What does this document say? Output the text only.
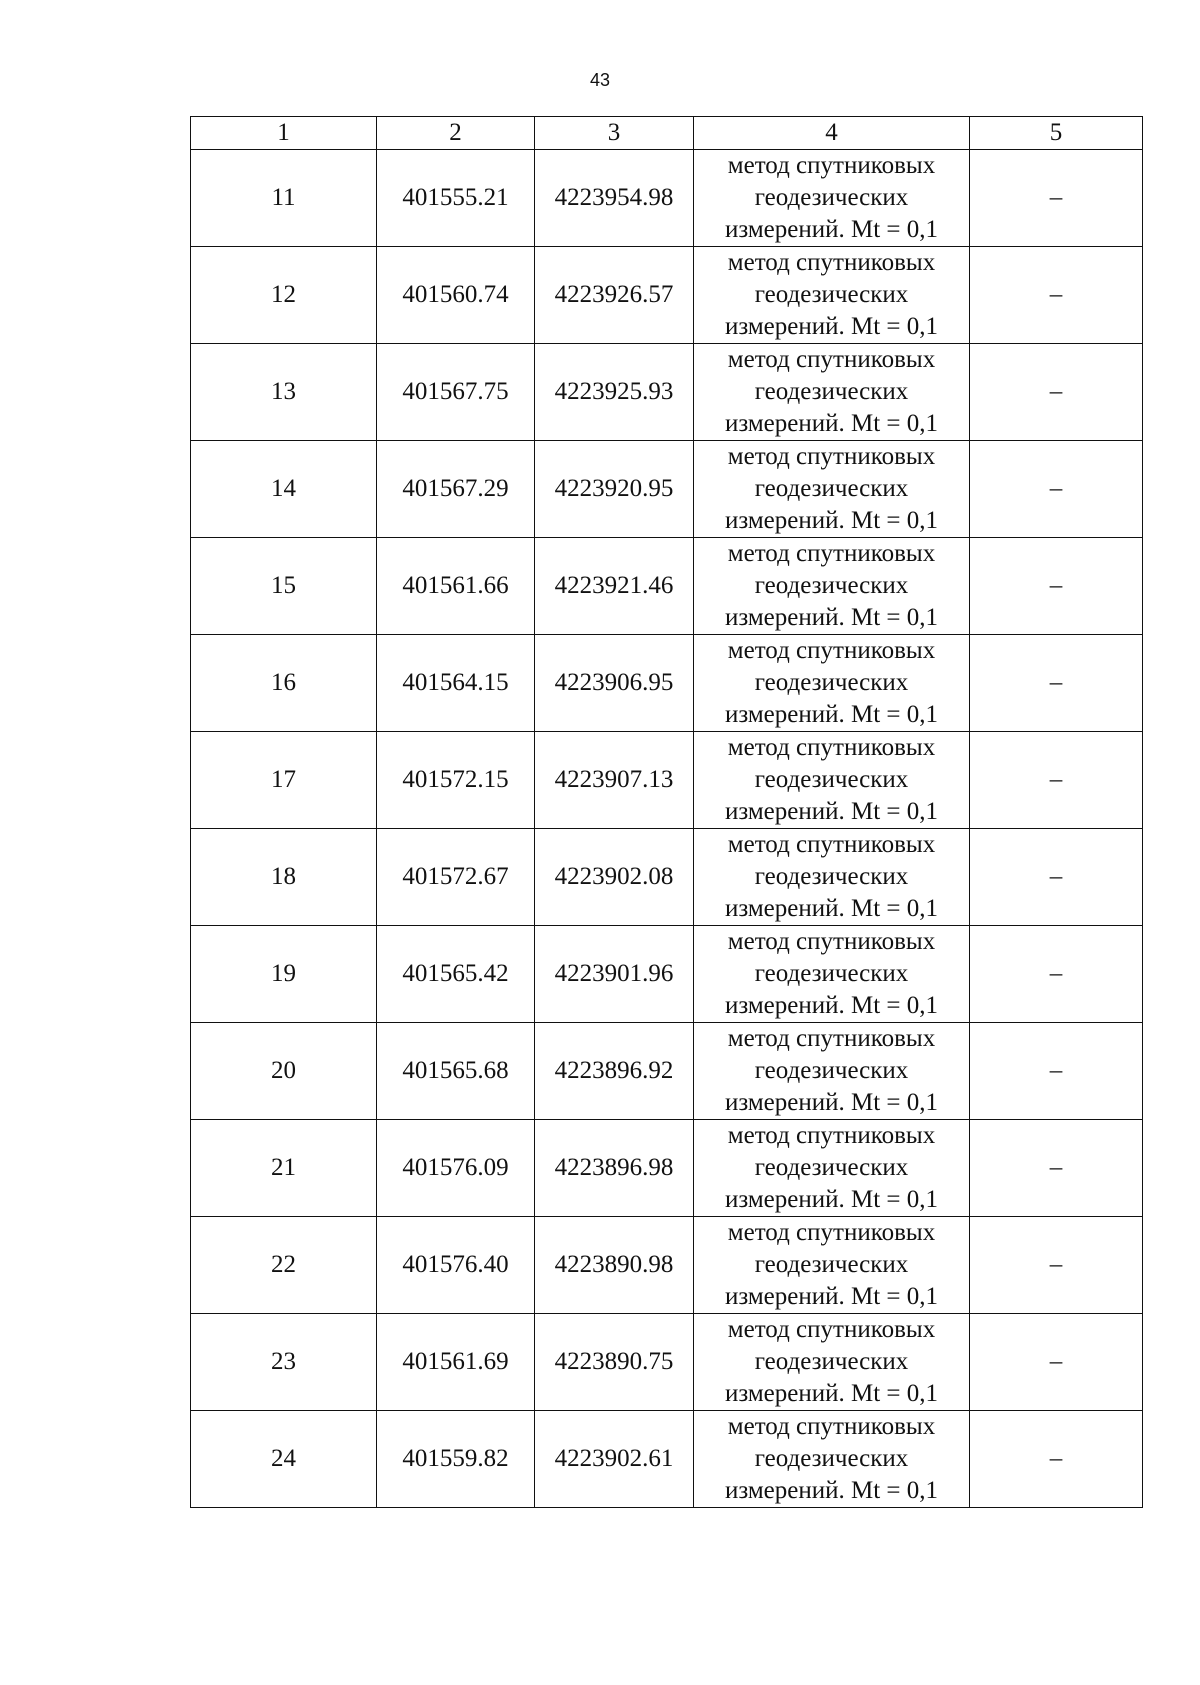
43
1	2	3	4	5
11	401555.21	4223954.98	метод спутниковых
геодезических
измерений. Mt = 0,1	–
12	401560.74	4223926.57	метод спутниковых
геодезических
измерений. Mt = 0,1	–
13	401567.75	4223925.93	метод спутниковых
геодезических
измерений. Mt = 0,1	–
14	401567.29	4223920.95	метод спутниковых
геодезических
измерений. Mt = 0,1	–
15	401561.66	4223921.46	метод спутниковых
геодезических
измерений. Mt = 0,1	–
16	401564.15	4223906.95	метод спутниковых
геодезических
измерений. Mt = 0,1	–
17	401572.15	4223907.13	метод спутниковых
геодезических
измерений. Mt = 0,1	–
18	401572.67	4223902.08	метод спутниковых
геодезических
измерений. Mt = 0,1	–
19	401565.42	4223901.96	метод спутниковых
геодезических
измерений. Mt = 0,1	–
20	401565.68	4223896.92	метод спутниковых
геодезических
измерений. Mt = 0,1	–
21	401576.09	4223896.98	метод спутниковых
геодезических
измерений. Mt = 0,1	–
22	401576.40	4223890.98	метод спутниковых
геодезических
измерений. Mt = 0,1	–
23	401561.69	4223890.75	метод спутниковых
геодезических
измерений. Mt = 0,1	–
24	401559.82	4223902.61	метод спутниковых
геодезических
измерений. Mt = 0,1	–
